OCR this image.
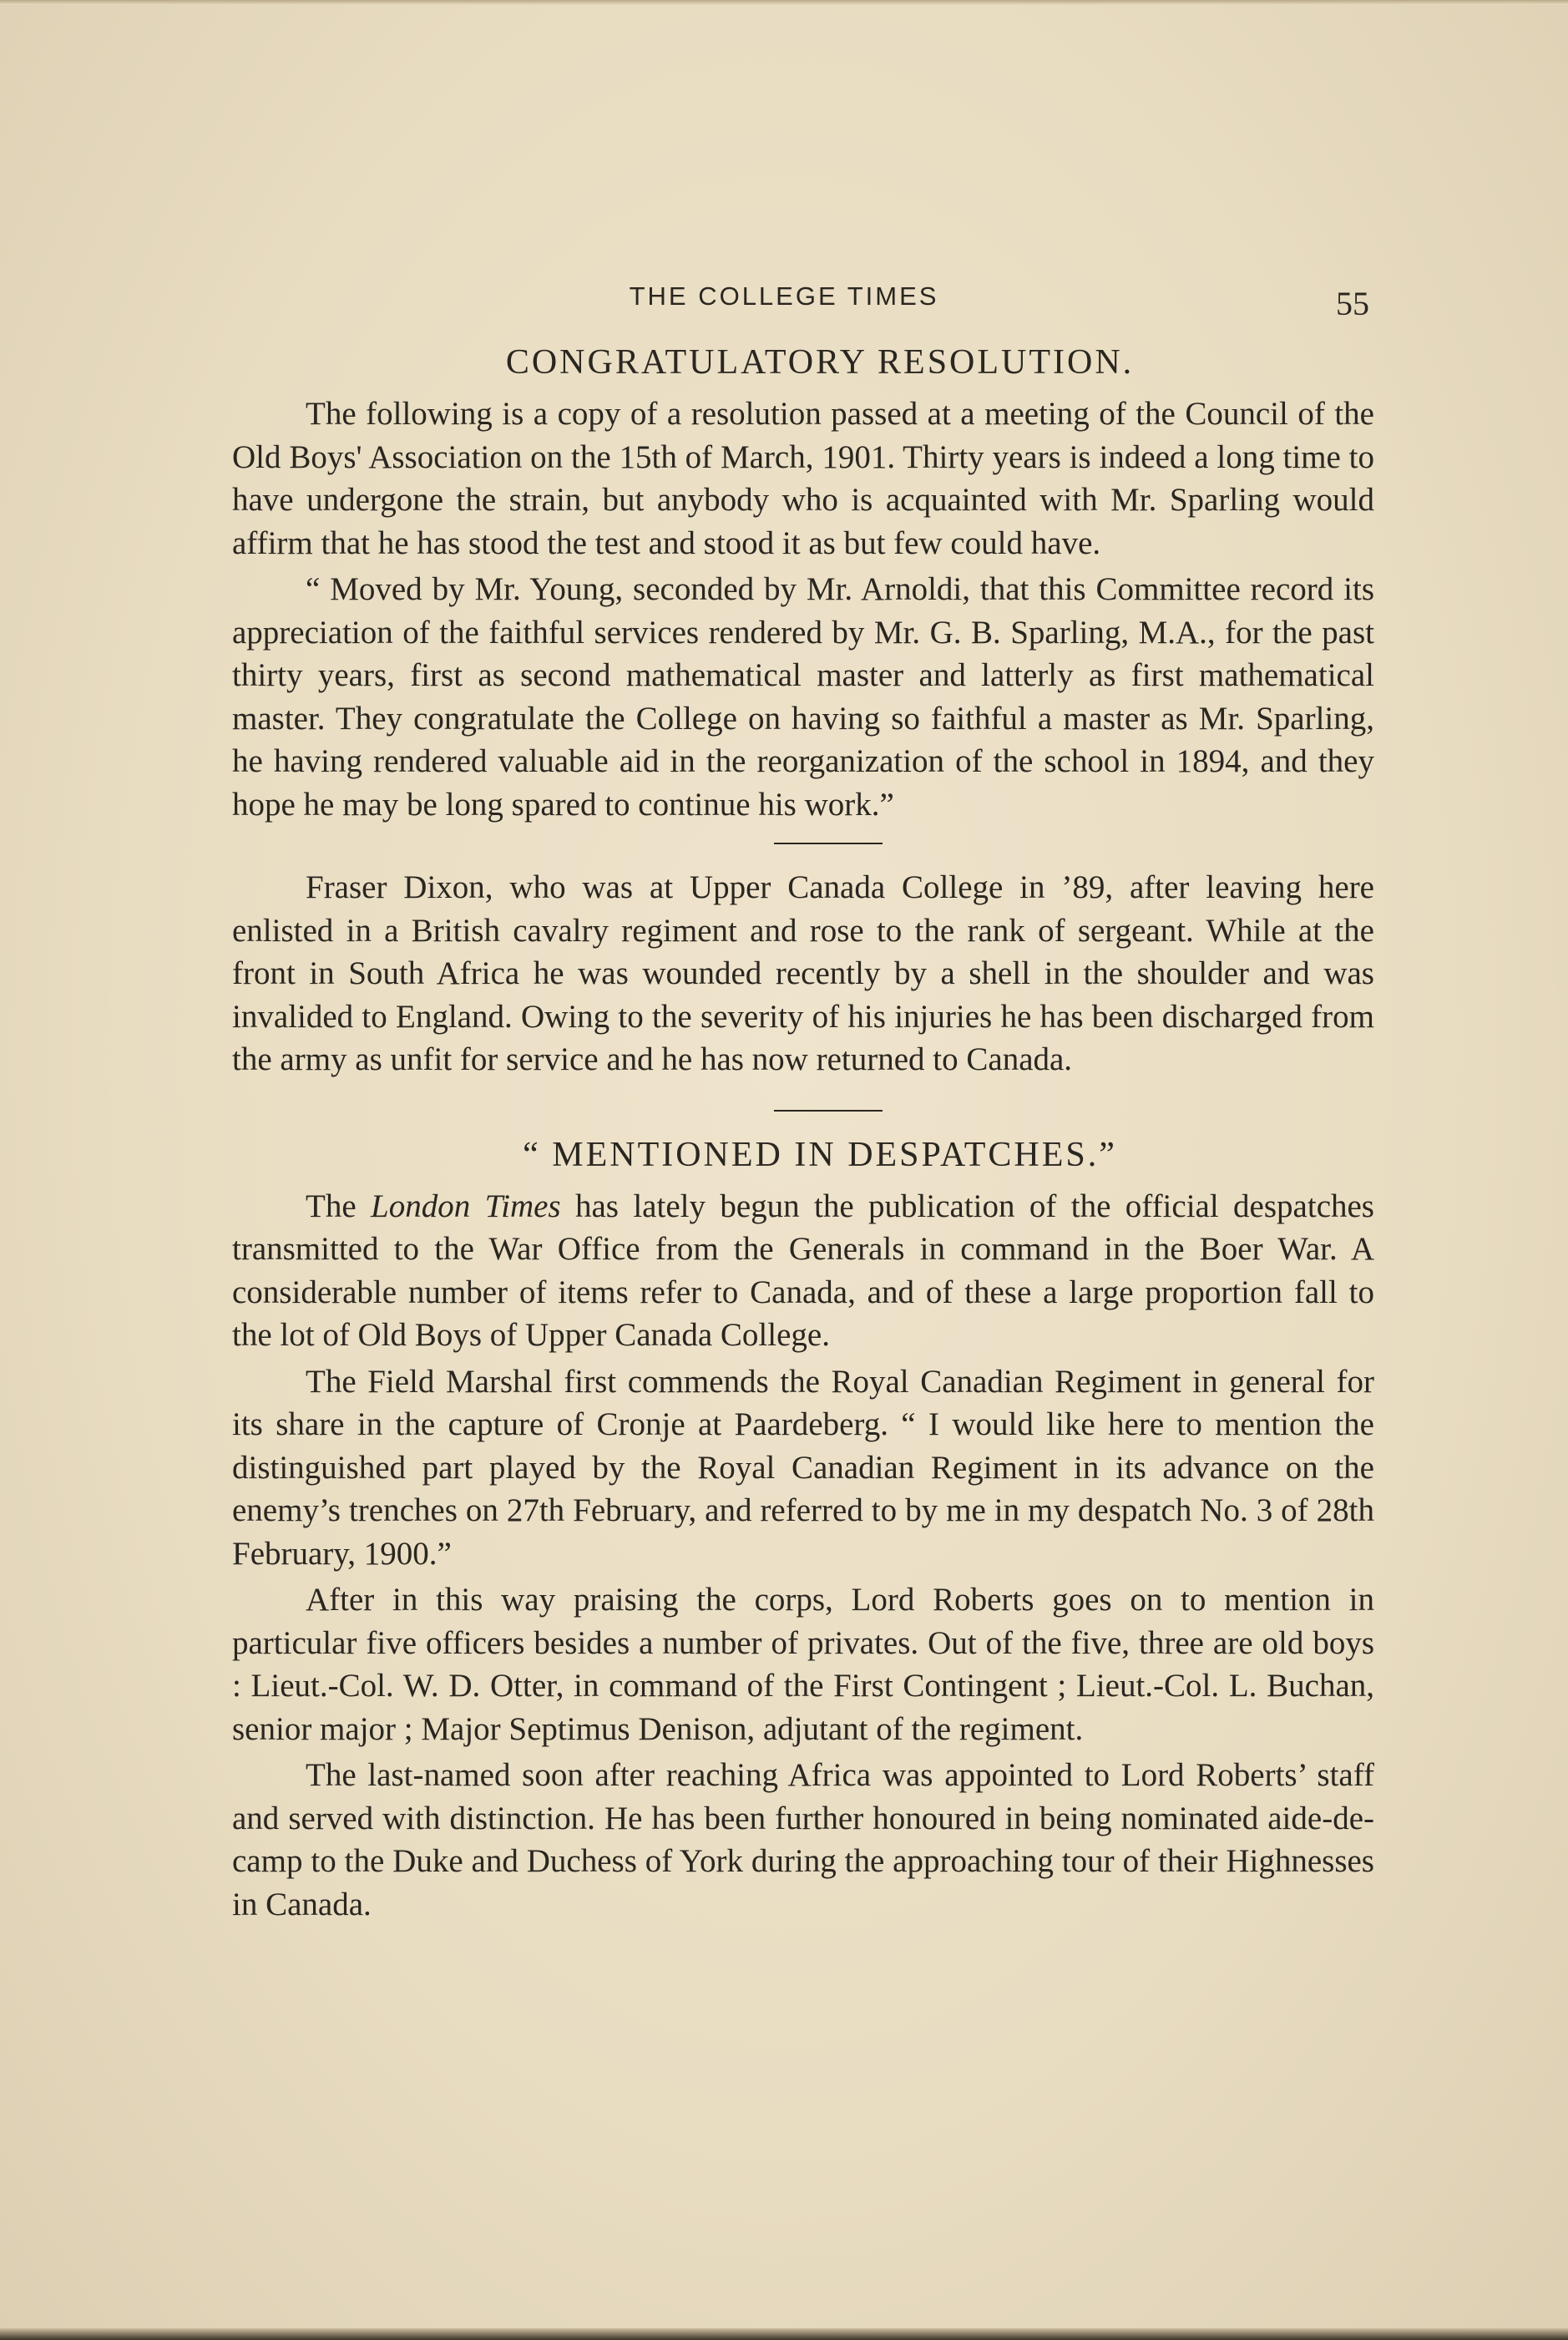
THE COLLEGE TIMES	55
CONGRATULATORY RESOLUTION.

The following is a copy of a resolution passed at a meeting of the Council of the Old Boys' Association on the 15th of March, 1901. Thirty years is indeed a long time to have undergone the strain, but anybody who is acquainted with Mr. Sparling would affirm that he has stood the test and stood it as but few could have.

“ Moved by Mr. Young, seconded by Mr. Arnoldi, that this Committee record its appreciation of the faithful services rendered by Mr. G. B. Sparling, M.A., for the past thirty years, first as second mathematical master and latterly as first mathematical master. They congratulate the College on having so faithful a master as Mr. Sparling, he having rendered valuable aid in the reorganization of the school in 1894, and they hope he may be long spared to continue his work.”

Fraser Dixon, who was at Upper Canada College in ’89, after leaving here enlisted in a British cavalry regiment and rose to the rank of sergeant. While at the front in South Africa he was wounded recently by a shell in the shoulder and was invalided to England. Owing to the severity of his injuries he has been discharged from the army as unfit for service and he has now returned to Canada.

“ MENTIONED IN DESPATCHES.”

The London Times has lately begun the publication of the official despatches transmitted to the War Office from the Generals in command in the Boer War. A considerable number of items refer to Canada, and of these a large proportion fall to the lot of Old Boys of Upper Canada College.

The Field Marshal first commends the Royal Canadian Regiment in general for its share in the capture of Cronje at Paardeberg. “ I would like here to mention the distinguished part played by the Royal Canadian Regiment in its advance on the enemy’s trenches on 27th February, and referred to by me in my despatch No. 3 of 28th February, 1900.”

After in this way praising the corps, Lord Roberts goes on to mention in particular five officers besides a number of privates. Out of the five, three are old boys : Lieut.-Col. W. D. Otter, in command of the First Contingent ; Lieut.-Col. L. Buchan, senior major ; Major Septimus Denison, adjutant of the regiment.

The last-named soon after reaching Africa was appointed to Lord Roberts’ staff and served with distinction. He has been further honoured in being nominated aide-de-camp to the Duke and Duchess of York during the approaching tour of their Highnesses in Canada.
